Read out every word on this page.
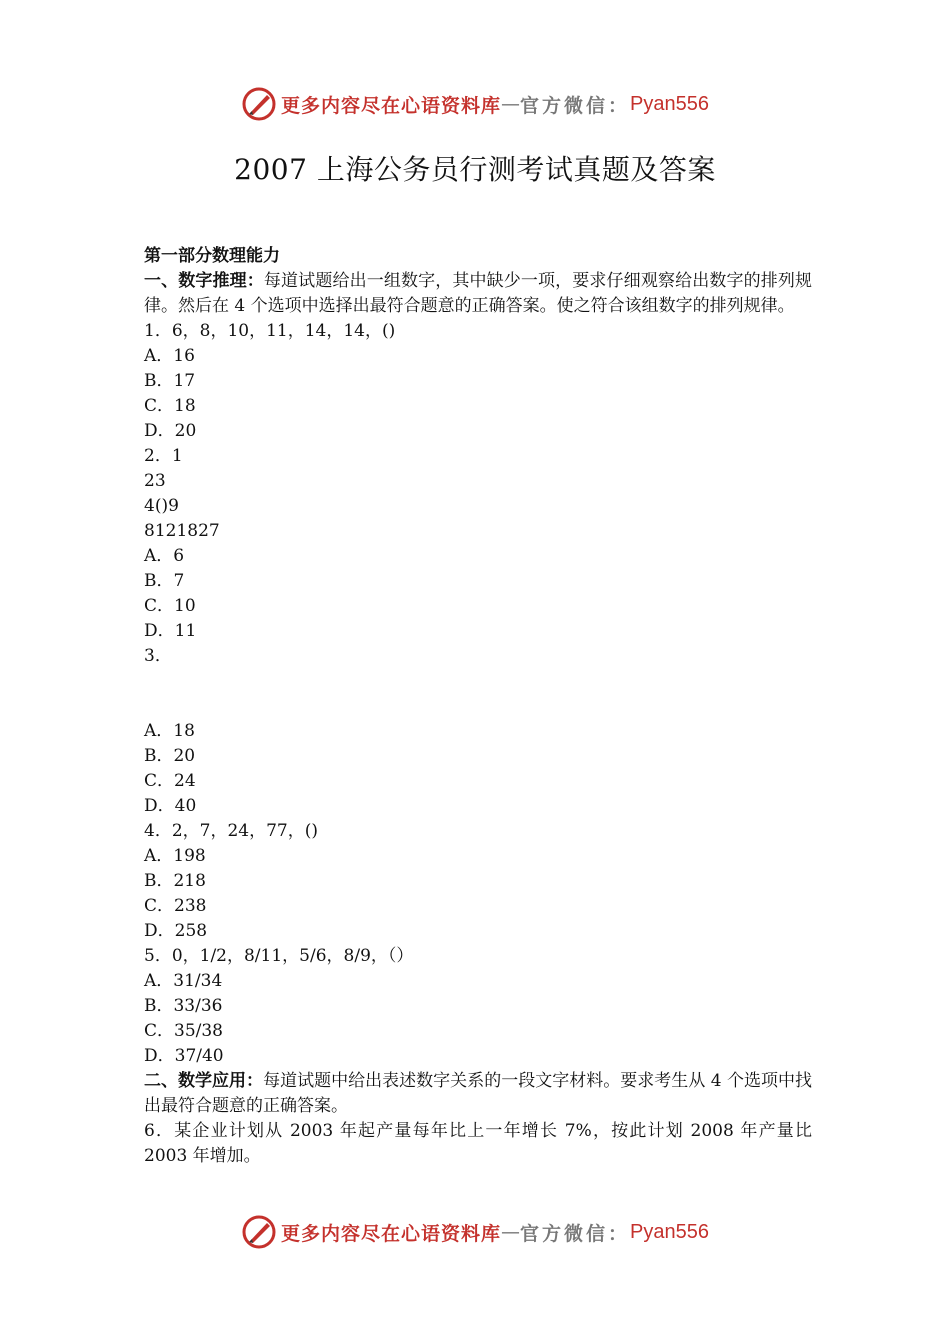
更多内容尽在心语资料库 — 官方微信： Pyan556
2007 上海公务员行测考试真题及答案

第一部分数理能力

一、数字推理：每道试题给出一组数字，其中缺少一项，要求仔细观察给出数字的排列规律。然后在 4 个选项中选择出最符合题意的正确答案。使之符合该组数字的排列规律。

1．6，8，10，11，14，14，()

A．16

B．17

C．18

D．20

2．1

23

4()9

8121827

A．6

B．7

C．10

D．11

3．

A．18

B．20

C．24

D．40

4．2，7，24，77，()

A．198

B．218

C．238

D．258

5．0，1/2，8/11，5/6，8/9，（）

A．31/34

B．33/36

C．35/38

D．37/40

二、数学应用：每道试题中给出表述数字关系的一段文字材料。要求考生从 4 个选项中找出最符合题意的正确答案。

6．某企业计划从 2003 年起产量每年比上一年增长 7%，按此计划 2008 年产量比 2003 年增加。

更多内容尽在心语资料库 — 官方微信： Pyan556
